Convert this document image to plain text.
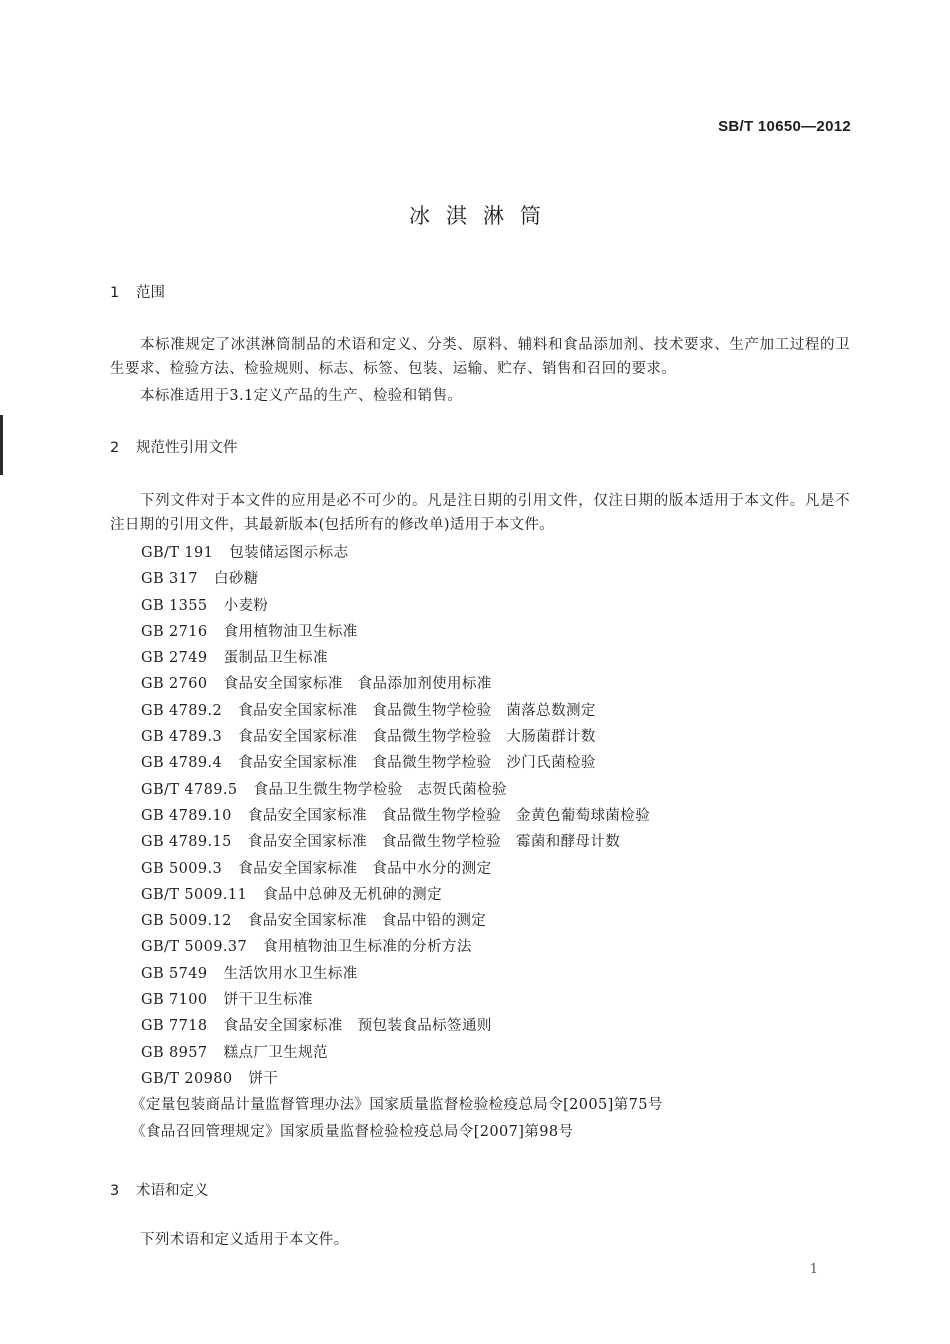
SB/T 10650—2012
冰淇淋筒
1 范围
本标准规定了冰淇淋筒制品的术语和定义、分类、原料、辅料和食品添加剂、技术要求、生产加工过程的卫生要求、检验方法、检验规则、标志、标签、包装、运输、贮存、销售和召回的要求。
本标准适用于3.1定义产品的生产、检验和销售。
2 规范性引用文件
下列文件对于本文件的应用是必不可少的。凡是注日期的引用文件，仅注日期的版本适用于本文件。凡是不注日期的引用文件，其最新版本(包括所有的修改单)适用于本文件。
GB/T 191 包装储运图示标志
GB 317 白砂糖
GB 1355 小麦粉
GB 2716 食用植物油卫生标准
GB 2749 蛋制品卫生标准
GB 2760 食品安全国家标准　食品添加剂使用标准
GB 4789.2 食品安全国家标准　食品微生物学检验　菌落总数测定
GB 4789.3 食品安全国家标准　食品微生物学检验　大肠菌群计数
GB 4789.4 食品安全国家标准　食品微生物学检验　沙门氏菌检验
GB/T 4789.5 食品卫生微生物学检验　志贺氏菌检验
GB 4789.10 食品安全国家标准　食品微生物学检验　金黄色葡萄球菌检验
GB 4789.15 食品安全国家标准　食品微生物学检验　霉菌和酵母计数
GB 5009.3 食品安全国家标准　食品中水分的测定
GB/T 5009.11 食品中总砷及无机砷的测定
GB 5009.12 食品安全国家标准　食品中铅的测定
GB/T 5009.37 食用植物油卫生标准的分析方法
GB 5749 生活饮用水卫生标准
GB 7100 饼干卫生标准
GB 7718 食品安全国家标准　预包装食品标签通则
GB 8957 糕点厂卫生规范
GB/T 20980 饼干
《定量包装商品计量监督管理办法》国家质量监督检验检疫总局令[2005]第75号
《食品召回管理规定》国家质量监督检验检疫总局令[2007]第98号
3 术语和定义
下列术语和定义适用于本文件。
1
